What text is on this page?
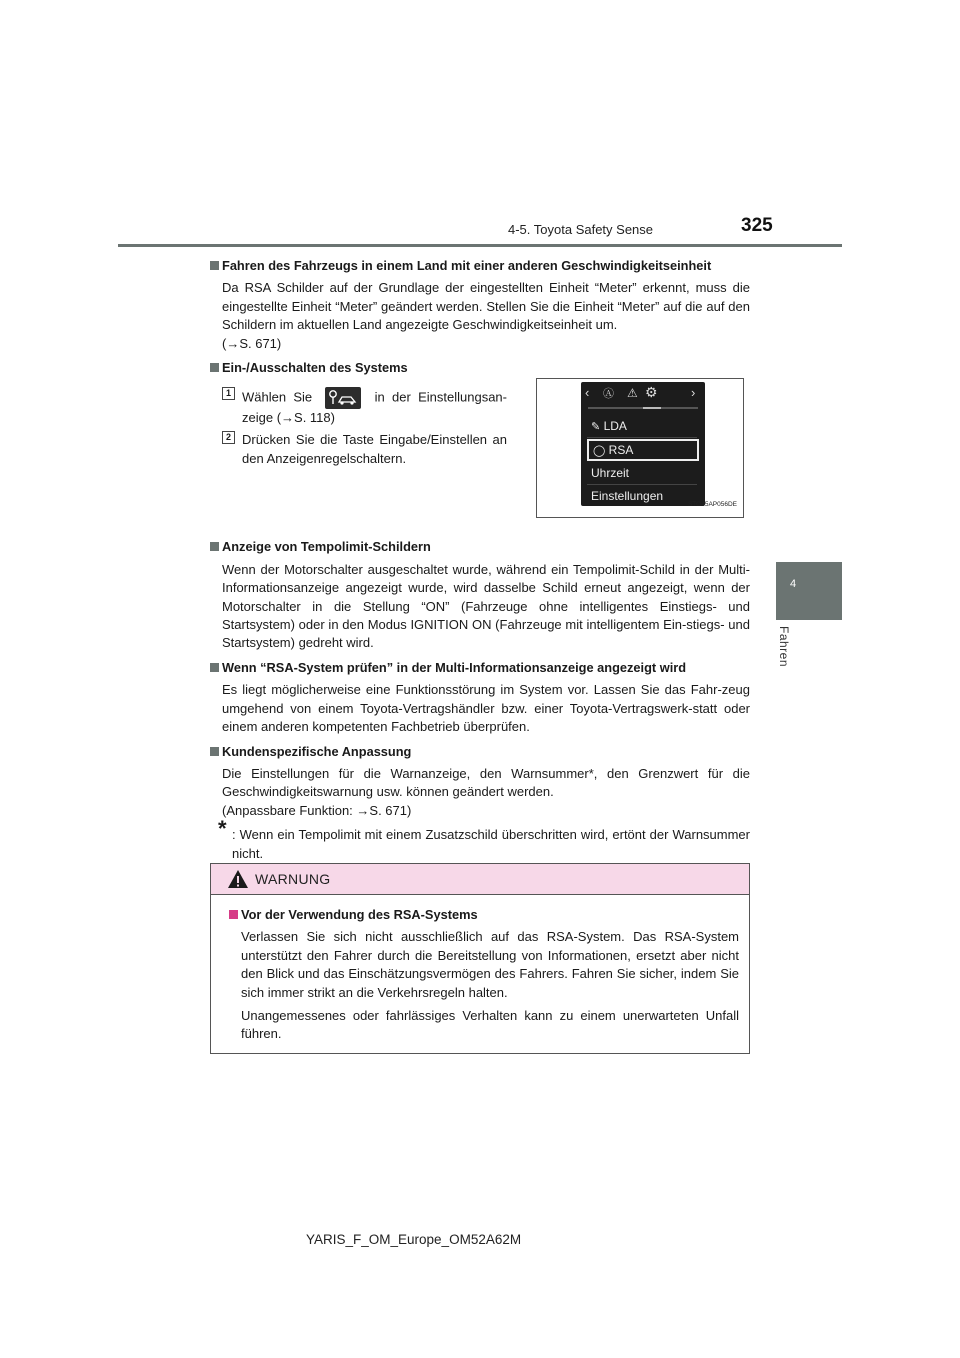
4-5. Toyota Safety Sense	325
4
Fahren
Fahren des Fahrzeugs in einem Land mit einer anderen Geschwindigkeitseinheit
Da RSA Schilder auf der Grundlage der eingestellten Einheit “Meter” erkennt, muss die eingestellte Einheit “Meter” geändert werden. Stellen Sie die Einheit “Meter” auf die auf den Schildern im aktuellen Land angezeigte Geschwindigkeitseinheit um.
(→S. 671)
Ein-/Ausschalten des Systems
1 Wählen Sie	in der Einstellungsan-zeige (→S. 118)
2 Drücken Sie die Taste Eingabe/Einstellen an den Anzeigenregelschaltern.
‹ Ⓐ ⚠ ⚙	›
✎ LDA
◯ RSA
Uhrzeit
Einstellungen
STO45AP056DE
Anzeige von Tempolimit-Schildern
Wenn der Motorschalter ausgeschaltet wurde, während ein Tempolimit-Schild in der Multi-Informationsanzeige angezeigt wurde, wird dasselbe Schild erneut angezeigt, wenn der Motorschalter in die Stellung “ON” (Fahrzeuge ohne intelligentes Einstiegs- und Startsystem) oder in den Modus IGNITION ON (Fahrzeuge mit intelligentem Ein-stiegs- und Startsystem) gedreht wird.
Wenn “RSA-System prüfen” in der Multi-Informationsanzeige angezeigt wird
Es liegt möglicherweise eine Funktionsstörung im System vor. Lassen Sie das Fahr-zeug umgehend von einem Toyota-Vertragshändler bzw. einer Toyota-Vertragswerk-statt oder einem anderen kompetenten Fachbetrieb überprüfen.
Kundenspezifische Anpassung
Die Einstellungen für die Warnanzeige, den Warnsummer*, den Grenzwert für die Geschwindigkeitswarnung usw. können geändert werden.
(Anpassbare Funktion: →S. 671)
* : Wenn ein Tempolimit mit einem Zusatzschild überschritten wird, ertönt der Warnsummer nicht.
WARNUNG
Vor der Verwendung des RSA-Systems
Verlassen Sie sich nicht ausschließlich auf das RSA-System. Das RSA-System unterstützt den Fahrer durch die Bereitstellung von Informationen, ersetzt aber nicht den Blick und das Einschätzungsvermögen des Fahrers. Fahren Sie sicher, indem Sie sich immer strikt an die Verkehrsregeln halten.
Unangemessenes oder fahrlässiges Verhalten kann zu einem unerwarteten Unfall führen.
YARIS_F_OM_Europe_OM52A62M
